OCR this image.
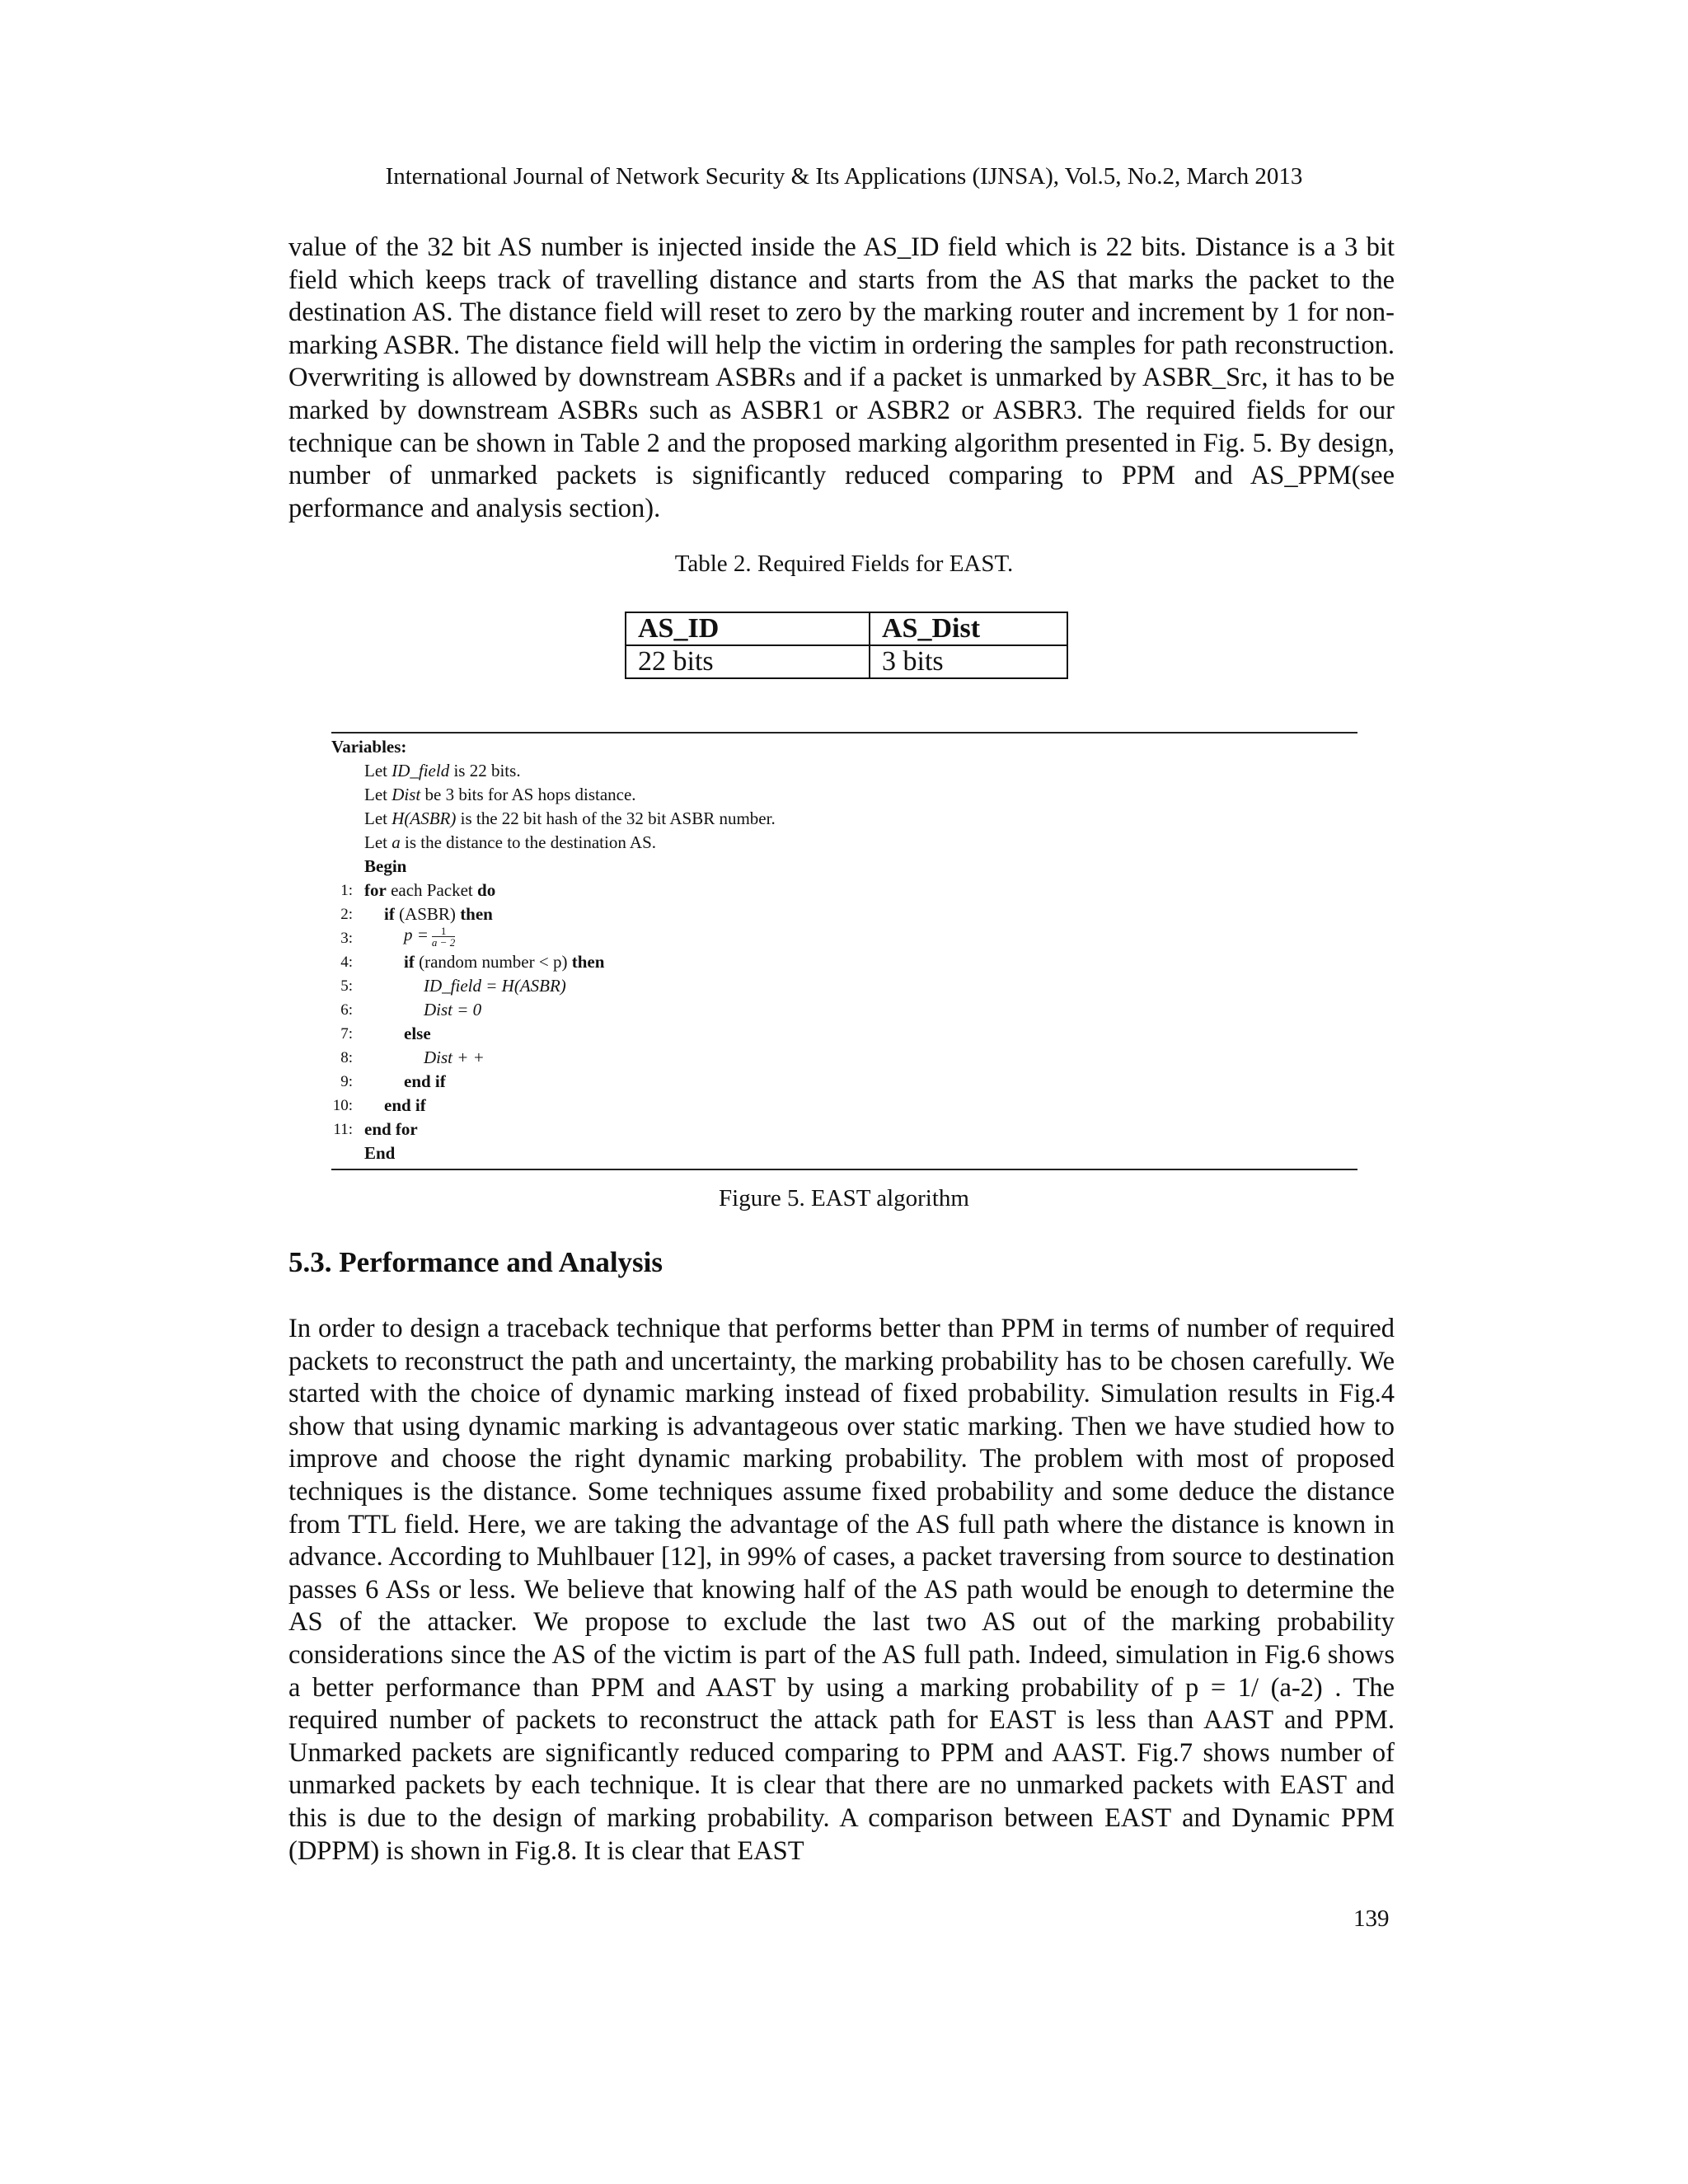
International Journal of Network Security & Its Applications (IJNSA), Vol.5, No.2, March 2013

value of the 32 bit AS number is injected inside the AS_ID field which is 22 bits. Distance is a 3 bit field which keeps track of travelling distance and starts from the AS that marks the packet to the destination AS. The distance field will reset to zero by the marking router and increment by 1 for non-marking ASBR. The distance field will help the victim in ordering the samples for path reconstruction. Overwriting is allowed by downstream ASBRs and if a packet is unmarked by ASBR_Src, it has to be marked by downstream ASBRs such as ASBR1 or ASBR2 or ASBR3. The required fields for our technique can be shown in Table 2 and the proposed marking algorithm presented in Fig. 5. By design, number of unmarked packets is significantly reduced comparing to PPM and AS_PPM(see performance and analysis section).

Table 2. Required Fields for EAST.
AS_ID	AS_Dist
22 bits	3 bits
Variables:
Let ID_field is 22 bits.
Let Dist be 3 bits for AS hops distance.
Let H(ASBR) is the 22 bit hash of the 32 bit ASBR number.
Let a is the distance to the destination AS.
Begin
1: for each Packet do
2: if (ASBR) then
3:	$p = \frac{1}{a - 2}$
4:	if (random number < p) then
5:	ID_field = H(ASBR)
6:	Dist = 0
7:	else
8:	Dist + +
9:	end if
10: end if
11: end for
End
Figure 5. EAST algorithm
5.3. Performance and Analysis

In order to design a traceback technique that performs better than PPM in terms of number of required packets to reconstruct the path and uncertainty, the marking probability has to be chosen carefully. We started with the choice of dynamic marking instead of fixed probability. Simulation results in Fig.4 show that using dynamic marking is advantageous over static marking. Then we have studied how to improve and choose the right dynamic marking probability. The problem with most of proposed techniques is the distance. Some techniques assume fixed probability and some deduce the distance from TTL field. Here, we are taking the advantage of the AS full path where the distance is known in advance. According to Muhlbauer [12], in 99% of cases, a packet traversing from source to destination passes 6 ASs or less. We believe that knowing half of the AS path would be enough to determine the AS of the attacker. We propose to exclude the last two AS out of the marking probability considerations since the AS of the victim is part of the AS full path. Indeed, simulation in Fig.6 shows a better performance than PPM and AAST by using a marking probability of p = 1/ (a-2) . The required number of packets to reconstruct the attack path for EAST is less than AAST and PPM. Unmarked packets are significantly reduced comparing to PPM and AAST. Fig.7 shows number of unmarked packets by each technique. It is clear that there are no unmarked packets with EAST and this is due to the design of marking probability. A comparison between EAST and Dynamic PPM (DPPM) is shown in Fig.8. It is clear that EAST

139
